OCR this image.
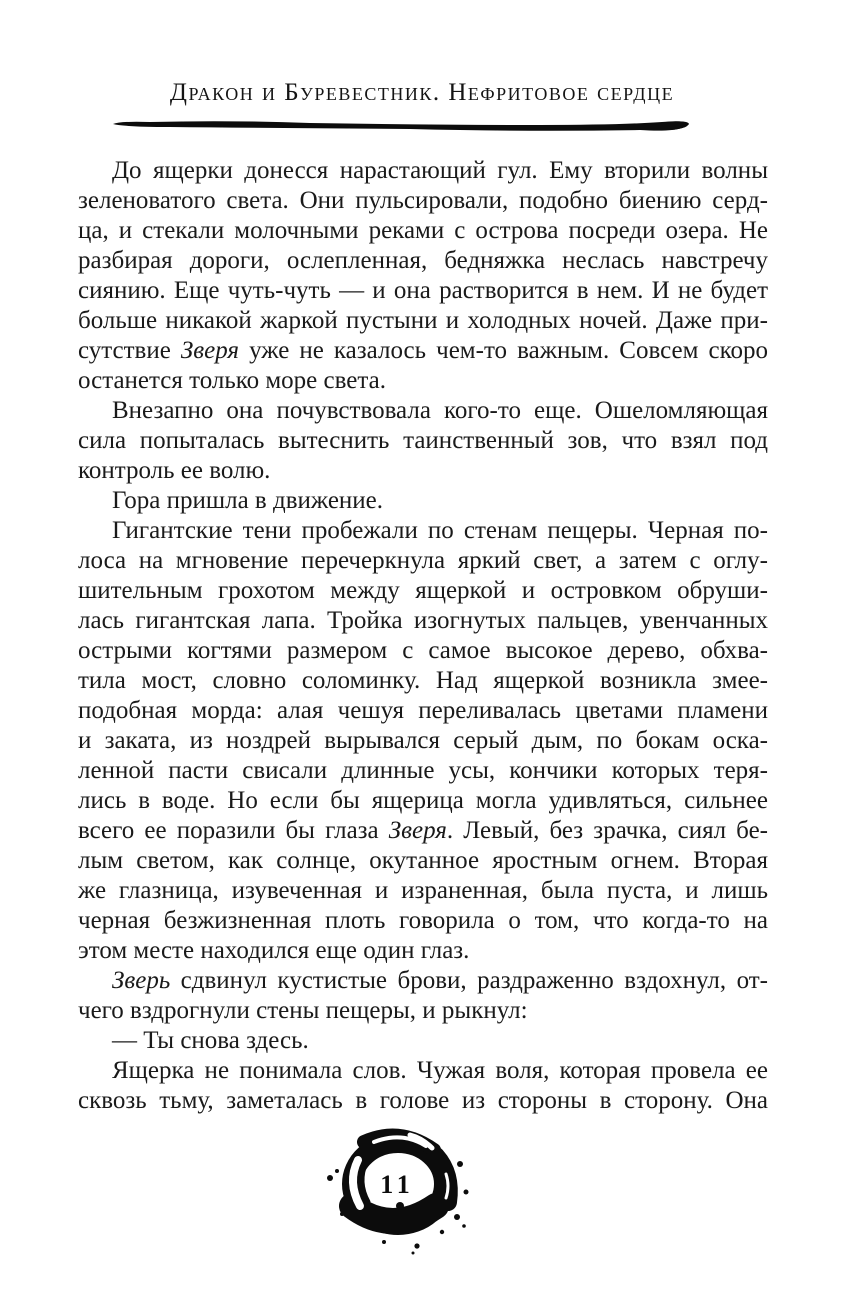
Дракон и Буревестник. Нефритовое сердце
До ящерки донесся нарастающий гул. Ему вторили волны
зеленоватого света. Они пульсировали, подобно биению серд-
ца, и стекали молочными реками с острова посреди озера. Не
разбирая дороги, ослепленная, бедняжка неслась навстречу
сиянию. Еще чуть-чуть — и она растворится в нем. И не будет
больше никакой жаркой пустыни и холодных ночей. Даже при-
сутствие Зверя уже не казалось чем-то важным. Совсем скоро
останется только море света.
Внезапно она почувствовала кого-то еще. Ошеломляющая
сила попыталась вытеснить таинственный зов, что взял под
контроль ее волю.
Гора пришла в движение.
Гигантские тени пробежали по стенам пещеры. Черная по-
лоса на мгновение перечеркнула яркий свет, а затем с оглу-
шительным грохотом между ящеркой и островком обруши-
лась гигантская лапа. Тройка изогнутых пальцев, увенчанных
острыми когтями размером с самое высокое дерево, обхва-
тила мост, словно соломинку. Над ящеркой возникла змее-
подобная морда: алая чешуя переливалась цветами пламени
и заката, из ноздрей вырывался серый дым, по бокам оска-
ленной пасти свисали длинные усы, кончики которых теря-
лись в воде. Но если бы ящерица могла удивляться, сильнее
всего ее поразили бы глаза Зверя. Левый, без зрачка, сиял бе-
лым светом, как солнце, окутанное яростным огнем. Вторая
же глазница, изувеченная и израненная, была пуста, и лишь
черная безжизненная плоть говорила о том, что когда-то на
этом месте находился еще один глаз.
Зверь сдвинул кустистые брови, раздраженно вздохнул, от-
чего вздрогнули стены пещеры, и рыкнул:
— Ты снова здесь.
Ящерка не понимала слов. Чужая воля, которая провела ее
сквозь тьму, заметалась в голове из стороны в сторону. Она
11
